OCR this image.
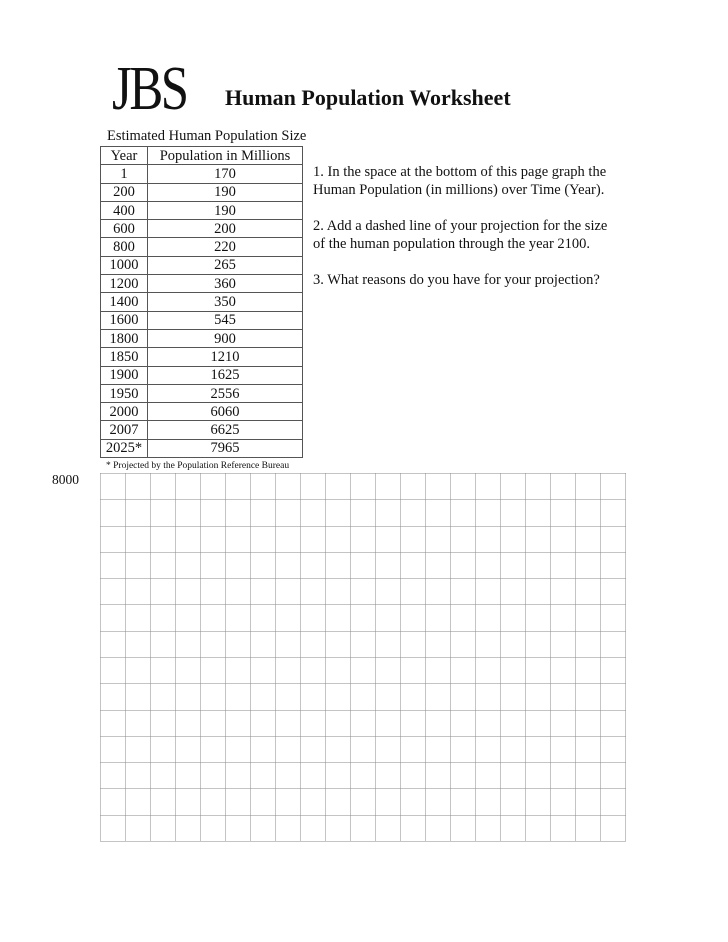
JBS Human Population Worksheet
Estimated Human Population Size
Year	Population in Millions
1	170
200	190
400	190
600	200
800	220
1000	265
1200	360
1400	350
1600	545
1800	900
1850	1210
1900	1625
1950	2556
2000	6060
2007	6625
2025*	7965
* Projected by the Population Reference Bureau

1. In the space at the bottom of this page graph the Human Population (in millions) over Time (Year).

2. Add a dashed line of your projection for the size of the human population through the year 2100.

3. What reasons do you have for your projection?

8000
